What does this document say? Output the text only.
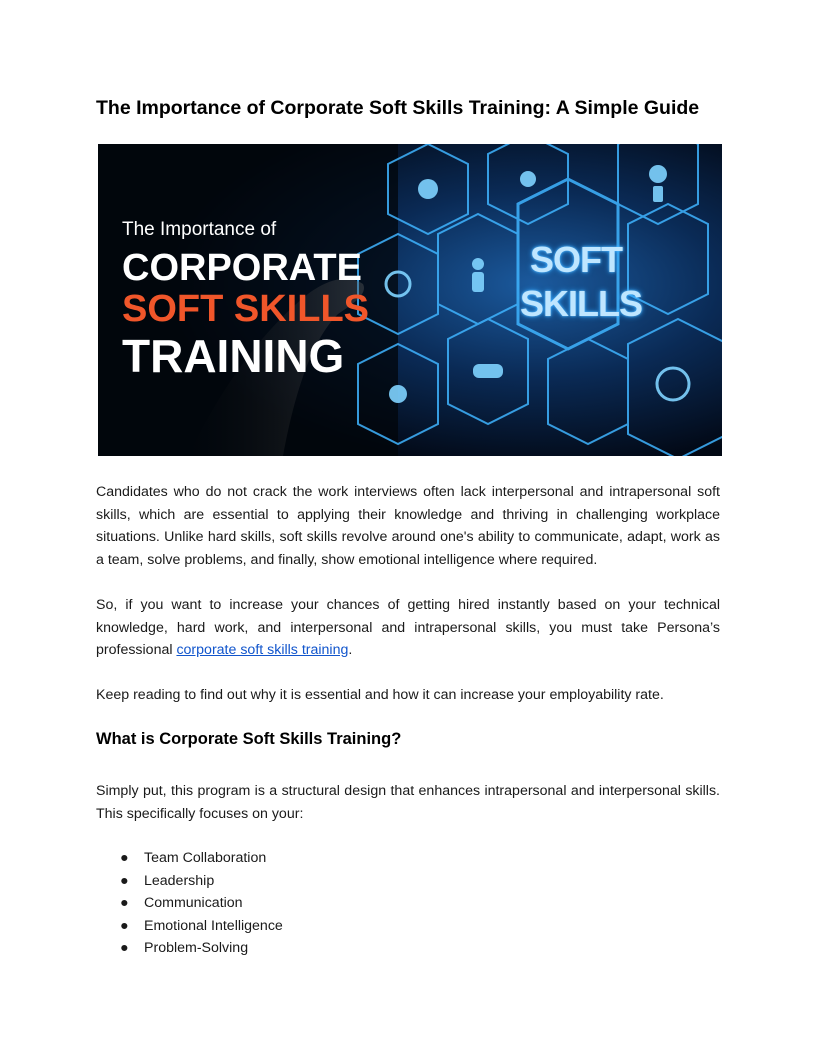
The Importance of Corporate Soft Skills Training: A Simple Guide
The Importance of
CORPORATE
SOFT SKILLS
TRAINING
SOFT
SKILLS

Candidates who do not crack the work interviews often lack interpersonal and intrapersonal soft skills, which are essential to applying their knowledge and thriving in challenging workplace situations. Unlike hard skills, soft skills revolve around one's ability to communicate, adapt, work as a team, solve problems, and finally, show emotional intelligence where required.

So, if you want to increase your chances of getting hired instantly based on your technical knowledge, hard work, and interpersonal and intrapersonal skills, you must take Persona’s professional corporate soft skills training.

Keep reading to find out why it is essential and how it can increase your employability rate.

What is Corporate Soft Skills Training?

Simply put, this program is a structural design that enhances intrapersonal and interpersonal skills. This specifically focuses on your:

● Team Collaboration
● Leadership
● Communication
● Emotional Intelligence
● Problem-Solving
